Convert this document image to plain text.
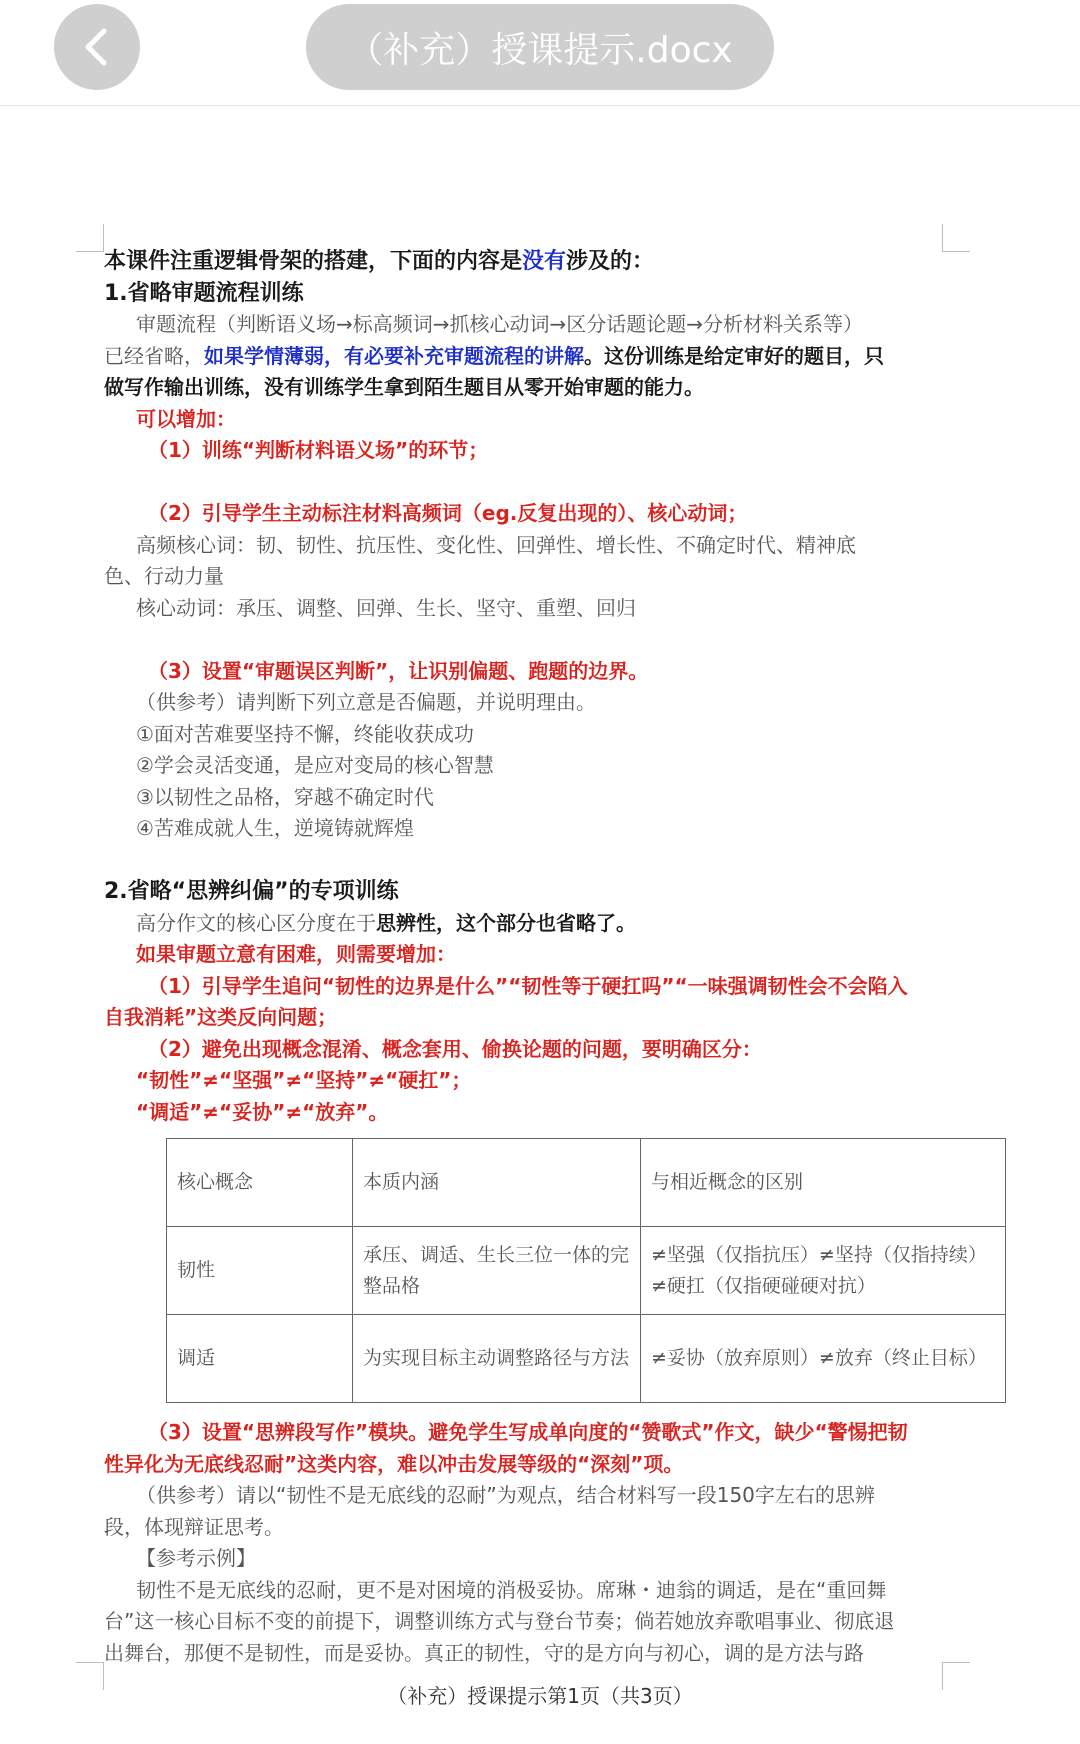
（补充）授课提示.docx
本课件注重逻辑骨架的搭建，下面的内容是没有涉及的：
1.省略审题流程训练
审题流程（判断语义场→标高频词→抓核心动词→区分话题论题→分析材料关系等）
已经省略，如果学情薄弱，有必要补充审题流程的讲解。这份训练是给定审好的题目，只
做写作输出训练，没有训练学生拿到陌生题目从零开始审题的能力。
可以增加：
（1）训练“判断材料语义场”的环节；
（2）引导学生主动标注材料高频词（eg.反复出现的）、核心动词；
高频核心词：韧、韧性、抗压性、变化性、回弹性、增长性、不确定时代、精神底
色、行动力量
核心动词：承压、调整、回弹、生长、坚守、重塑、回归
（3）设置“审题误区判断”，让识别偏题、跑题的边界。
（供参考）请判断下列立意是否偏题，并说明理由。
①面对苦难要坚持不懈，终能收获成功
②学会灵活变通，是应对变局的核心智慧
③以韧性之品格，穿越不确定时代
④苦难成就人生，逆境铸就辉煌
2.省略“思辨纠偏”的专项训练
高分作文的核心区分度在于思辨性，这个部分也省略了。
如果审题立意有困难，则需要增加：
（1）引导学生追问“韧性的边界是什么”“韧性等于硬扛吗”“一味强调韧性会不会陷入
自我消耗”这类反向问题；
（2）避免出现概念混淆、概念套用、偷换论题的问题，要明确区分：
“韧性”≠“坚强”≠“坚持”≠“硬扛”；
“调适”≠“妥协”≠“放弃”。
核心概念	本质内涵	与相近概念的区别
韧性	承压、调适、生长三位一体的完整品格	≠坚强（仅指抗压）≠坚持（仅指持续）≠硬扛（仅指硬碰硬对抗）
调适	为实现目标主动调整路径与方法	≠妥协（放弃原则）≠放弃（终止目标）
（3）设置“思辨段写作”模块。避免学生写成单向度的“赞歌式”作文，缺少“警惕把韧
性异化为无底线忍耐”这类内容，难以冲击发展等级的“深刻”项。
（供参考）请以“韧性不是无底线的忍耐”为观点，结合材料写一段150字左右的思辨
段，体现辩证思考。
【参考示例】
韧性不是无底线的忍耐，更不是对困境的消极妥协。席琳・迪翁的调适，是在“重回舞
台”这一核心目标不变的前提下，调整训练方式与登台节奏；倘若她放弃歌唱事业、彻底退
出舞台，那便不是韧性，而是妥协。真正的韧性，守的是方向与初心，调的是方法与路
（补充）授课提示第1页（共3页）
